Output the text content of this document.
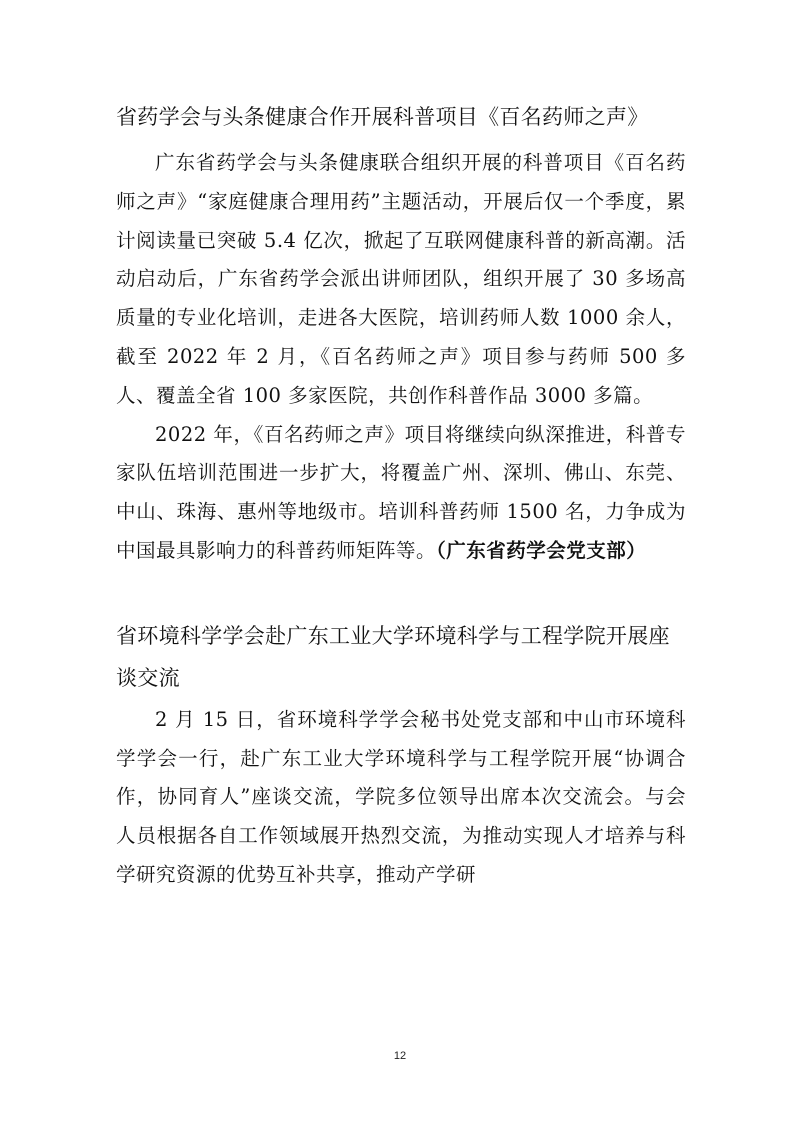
省药学会与头条健康合作开展科普项目《百名药师之声》

广东省药学会与头条健康联合组织开展的科普项目《百名药师之声》“家庭健康合理用药”主题活动，开展后仅一个季度，累计阅读量已突破 5.4 亿次，掀起了互联网健康科普的新高潮。活动启动后，广东省药学会派出讲师团队，组织开展了 30 多场高质量的专业化培训，走进各大医院，培训药师人数 1000 余人，截至 2022 年 2 月，《百名药师之声》项目参与药师 500 多人、覆盖全省 100 多家医院，共创作科普作品 3000 多篇。

2022 年，《百名药师之声》项目将继续向纵深推进，科普专家队伍培训范围进一步扩大，将覆盖广州、深圳、佛山、东莞、中山、珠海、惠州等地级市。培训科普药师 1500 名，力争成为中国最具影响力的科普药师矩阵等。（广东省药学会党支部）

省环境科学学会赴广东工业大学环境科学与工程学院开展座谈交流

2 月 15 日，省环境科学学会秘书处党支部和中山市环境科学学会一行，赴广东工业大学环境科学与工程学院开展“协调合作，协同育人”座谈交流，学院多位领导出席本次交流会。与会人员根据各自工作领域展开热烈交流，为推动实现人才培养与科学研究资源的优势互补共享，推动产学研

12
